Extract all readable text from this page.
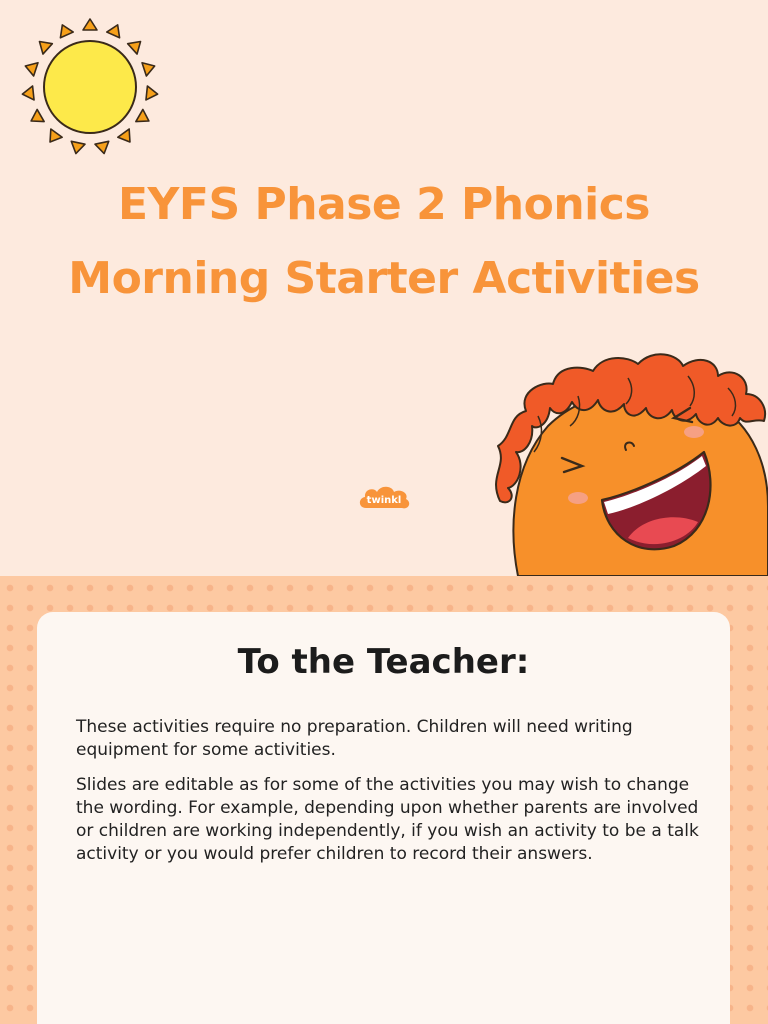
EYFS Phase 2 Phonics
Morning Starter Activities
twinkl
To the Teacher:

These activities require no preparation. Children will need writing equipment for some activities.

Slides are editable as for some of the activities you may wish to change the wording. For example, depending upon whether parents are involved or children are working independently, if you wish an activity to be a talk activity or you would prefer children to record their answers.
